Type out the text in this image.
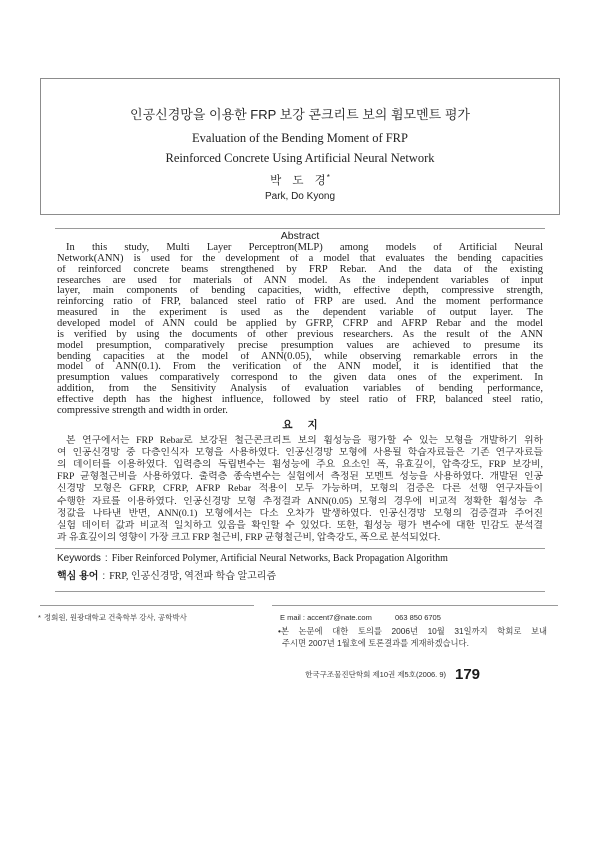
인공신경망을 이용한 FRP 보강 콘크리트 보의 휨모멘트 평가
Evaluation of the Bending Moment of FRP
Reinforced Concrete Using Artificial Neural Network
박 도 경*
Park, Do Kyong
Abstract
In this study, Multi Layer Perceptron(MLP) among models of Artificial Neural
Network(ANN) is used for the development of a model that evaluates the bending capacities
of reinforced concrete beams strengthened by FRP Rebar. And the data of the existing
researches are used for materials of ANN model. As the independent variables of input
layer, main components of bending capacities, width, effective depth, compressive strength,
reinforcing ratio of FRP, balanced steel ratio of FRP are used. And the moment performance
measured in the experiment is used as the dependent variable of output layer. The
developed model of ANN could be applied by GFRP, CFRP and AFRP Rebar and the model
is verified by using the documents of other previous researchers. As the result of the ANN
model presumption, comparatively precise presumption values are achieved to presume its
bending capacities at the model of ANN(0.05), while observing remarkable errors in the
model of ANN(0.1). From the verification of the ANN model, it is identified that the
presumption values comparatively correspond to the given data ones of the experiment. In
addition, from the Sensitivity Analysis of evaluation variables of bending performance,
effective depth has the highest influence, followed by steel ratio of FRP, balanced steel ratio,
compressive strength and width in order.
요 지
본 연구에서는 FRP Rebar로 보강된 철근콘크리트 보의 휨성능을 평가할 수 있는 모형을 개발하기 위하
여 인공신경망 중 다층인식자 모형을 사용하였다. 인공신경망 모형에 사용될 학습자료들은 기존 연구자료들
의 데이터를 이용하였다. 입력층의 독립변수는 휨성능에 주요 요소인 폭, 유효깊이, 압축강도, FRP 보강비,
FRP 균형철근비을 사용하였다. 출력층 종속변수는 실험에서 측정된 모멘트 성능을 사용하였다. 개발된 인공
신경망 모형은 GFRP, CFRP, AFRP Rebar 적용이 모두 가능하며, 모형의 검증은 다른 선행 연구자들이
수행한 자료를 이용하였다. 인공신경망 모형 추정결과 ANN(0.05) 모형의 경우에 비교적 정확한 휨성능 추
정값을 나타낸 반면, ANN(0.1) 모형에서는 다소 오차가 발생하였다. 인공신경망 모형의 검증결과 주어진
실험 데이터 값과 비교적 일치하고 있음을 확인할 수 있었다. 또한, 휨성능 평가 변수에 대한 민감도 분석결
과 유효깊이의 영향이 가장 크고 FRP 철근비, FRP 균형철근비, 압축강도, 폭으로 분석되었다.
Keywords : Fiber Reinforced Polymer, Artificial Neural Networks, Back Propagation Algorithm
핵심 용어 : FRP, 인공신경망, 역전파 학습 알고리즘
* 정회원, 원광대학교 건축학부 강사, 공학박사	E mail : accent7@nate.com	063 850 6705
•본 논문에 대한 토의를 2006년 10월 31일까지 학회로 보내
주시면 2007년 1월호에 토론결과를 게재하겠습니다.
한국구조물진단학회 제10권 제5호(2006. 9) 179
